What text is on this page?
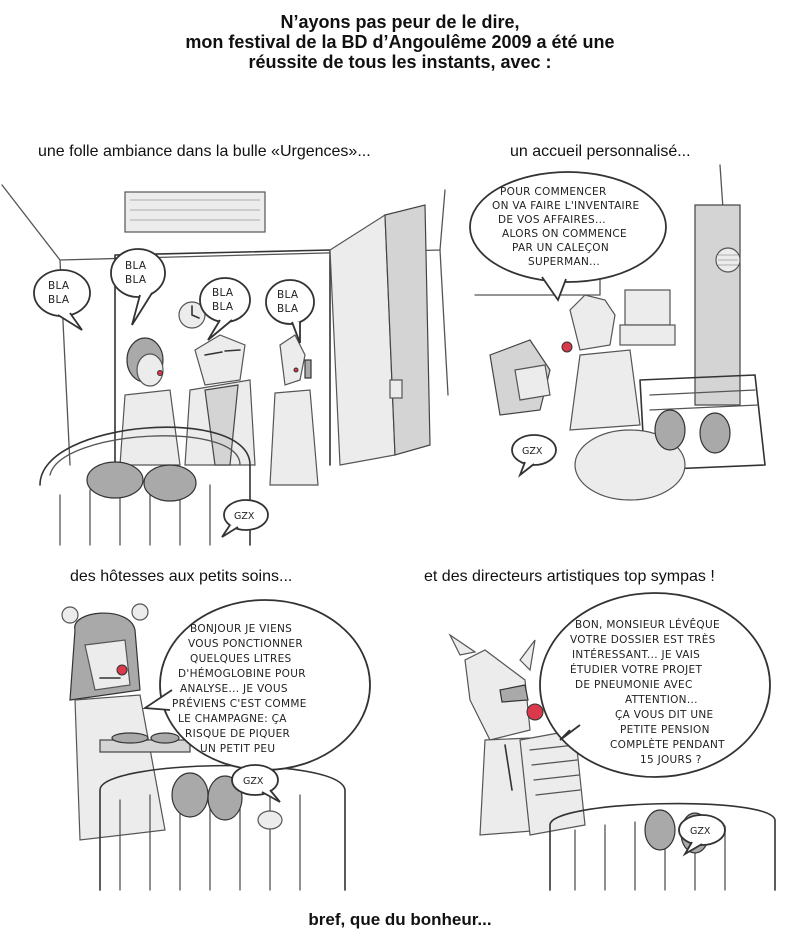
N’ayons pas peur de le dire,
mon festival de la BD d’Angoulême 2009 a été une
réussite de tous les instants, avec :
une folle ambiance dans la bulle «Urgences»...	un accueil personnalisé...
des hôtesses aux petits soins...	et des directeurs artistiques top sympas !
BLA
BLA
BLA
BLA
BLA
BLA
BLA
BLA
GZX
POUR COMMENCER
ON VA FAIRE L'INVENTAIRE
DE VOS AFFAIRES...
ALORS ON COMMENCE
PAR UN CALEÇON
SUPERMAN...
GZX
BONJOUR JE VIENS
VOUS PONCTIONNER
QUELQUES LITRES
D'HÉMOGLOBINE POUR
ANALYSE... JE VOUS
PRÉVIENS C'EST COMME
LE CHAMPAGNE: ÇA
RISQUE DE PIQUER
UN PETIT PEU
GZX
BON, MONSIEUR LÉVÊQUE
VOTRE DOSSIER EST TRÈS
INTÉRESSANT... JE VAIS
ÉTUDIER VOTRE PROJET
DE PNEUMONIE AVEC
ATTENTION...
ÇA VOUS DIT UNE
PETITE PENSION
COMPLÈTE PENDANT
15 JOURS ?
GZX
bref, que du bonheur...
